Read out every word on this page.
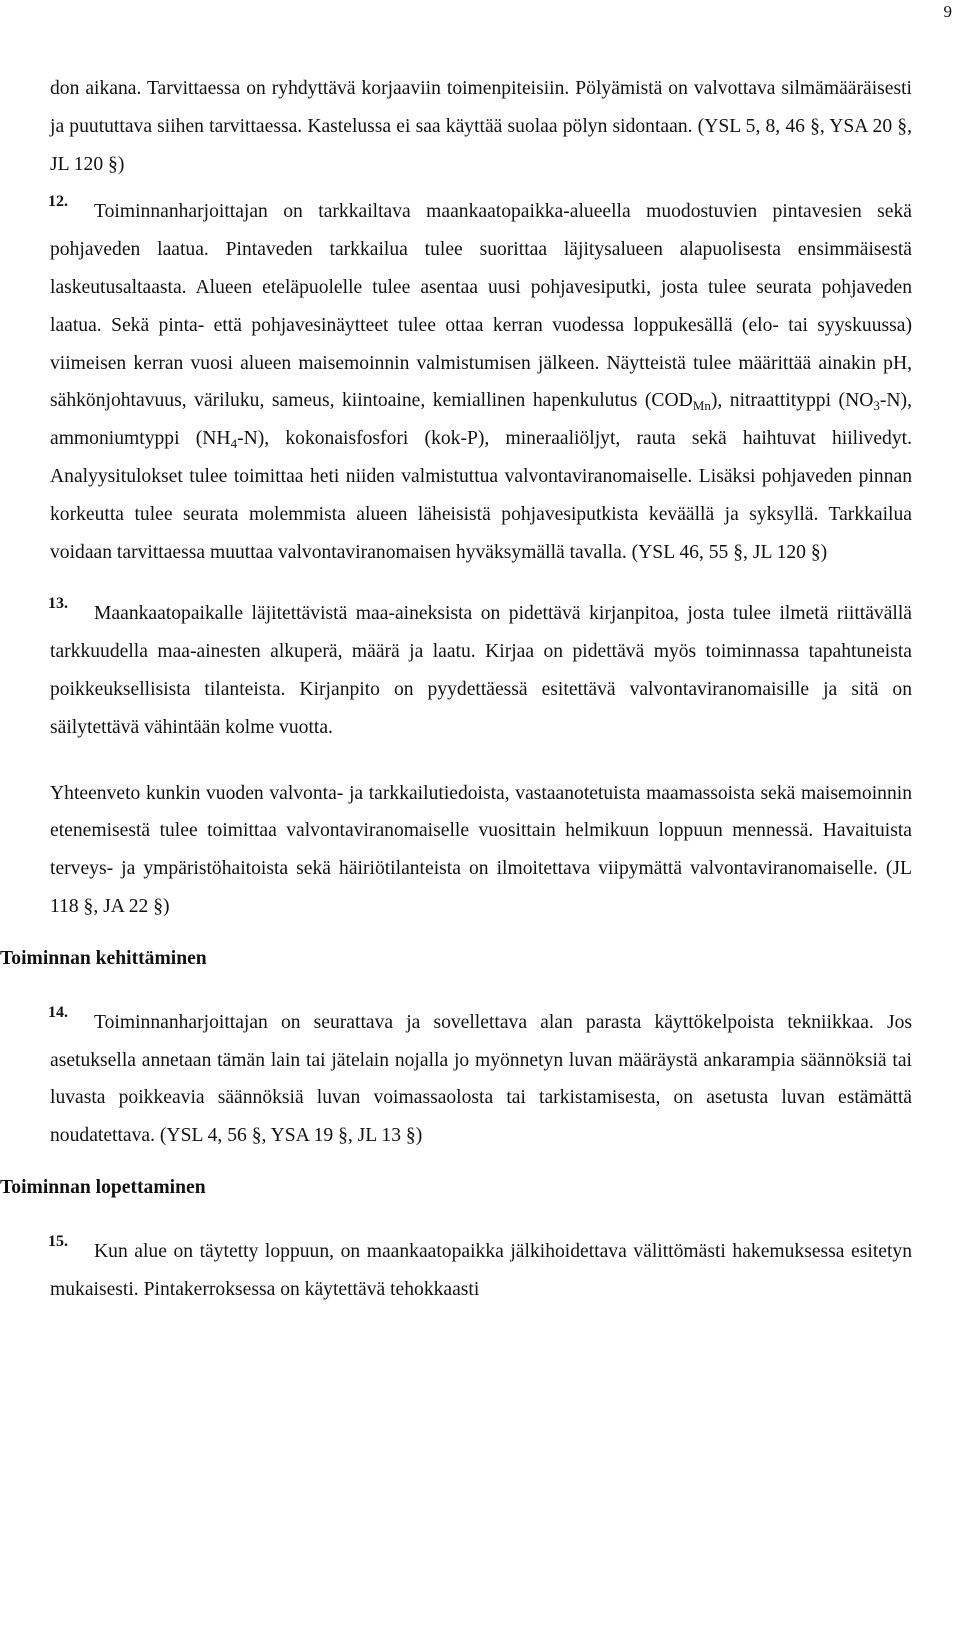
9

don aikana. Tarvittaessa on ryhdyttävä korjaaviin toimenpiteisiin. Pölyämistä on valvottava silmämääräisesti ja puututtava siihen tarvittaessa. Kastelussa ei saa käyttää suolaa pölyn sidontaan. (YSL 5, 8, 46 §, YSA 20 §, JL 120 §)

12.	Toiminnanharjoittajan on tarkkailtava maankaatopaikka-alueella muodostuvien pintavesien sekä pohjaveden laatua. Pintaveden tarkkailua tulee suorittaa läjitysalueen alapuolisesta ensimmäisestä laskeutusaltaasta. Alueen eteläpuolelle tulee asentaa uusi pohjavesiputki, josta tulee seurata pohjaveden laatua. Sekä pinta- että pohjavesinäytteet tulee ottaa kerran vuodessa loppukesällä (elo- tai syyskuussa) viimeisen kerran vuosi alueen maisemoinnin valmistumisen jälkeen. Näytteistä tulee määrittää ainakin pH, sähkönjohtavuus, väriluku, sameus, kiintoaine, kemiallinen hapenkulutus $(COD_{Mn})$, nitraattityppi $(NO_3-N)$, ammoniumtyppi $(NH_4-N)$, kokonaisfosfori (kok-P), mineraaliöljyt, rauta sekä haihtuvat hiilivedyt. Analyysitulokset tulee toimittaa heti niiden valmistuttua valvontaviranomaiselle. Lisäksi pohjaveden pinnan korkeutta tulee seurata molemmista alueen läheisistä pohjavesiputkista keväällä ja syksyllä. Tarkkailua voidaan tarvittaessa muuttaa valvontaviranomaisen hyväksymällä tavalla. (YSL 46, 55 §, JL 120 §)

13.	Maankaatopaikalle läjitettävistä maa-aineksista on pidettävä kirjanpitoa, josta tulee ilmetä riittävällä tarkkuudella maa-ainesten alkuperä, määrä ja laatu. Kirjaa on pidettävä myös toiminnassa tapahtuneista poikkeuksellisista tilanteista. Kirjanpito on pyydettäessä esitettävä valvontaviranomaisille ja sitä on säilytettävä vähintään kolme vuotta.

Yhteenveto kunkin vuoden valvonta- ja tarkkailutiedoista, vastaanotetuista maamassoista sekä maisemoinnin etenemisestä tulee toimittaa valvontaviranomaiselle vuosittain helmikuun loppuun mennessä. Havaituista terveys- ja ympäristöhaitoista sekä häiriötilanteista on ilmoitettava viipymättä valvontaviranomaiselle. (JL 118 §, JA 22 §)

Toiminnan kehittäminen
14.	Toiminnanharjoittajan on seurattava ja sovellettava alan parasta käyttökelpoista tekniikkaa. Jos asetuksella annetaan tämän lain tai jätelain nojalla jo myönnetyn luvan määräystä ankarampia säännöksiä tai luvasta poikkeavia säännöksiä luvan voimassaolosta tai tarkistamisesta, on asetusta luvan estämättä noudatettava. (YSL 4, 56 §, YSA 19 §, JL 13 §)

Toiminnan lopettaminen
15.	Kun alue on täytetty loppuun, on maankaatopaikka jälkihoidettava välittömästi hakemuksessa esitetyn mukaisesti. Pintakerroksessa on käytettävä tehokkaasti
